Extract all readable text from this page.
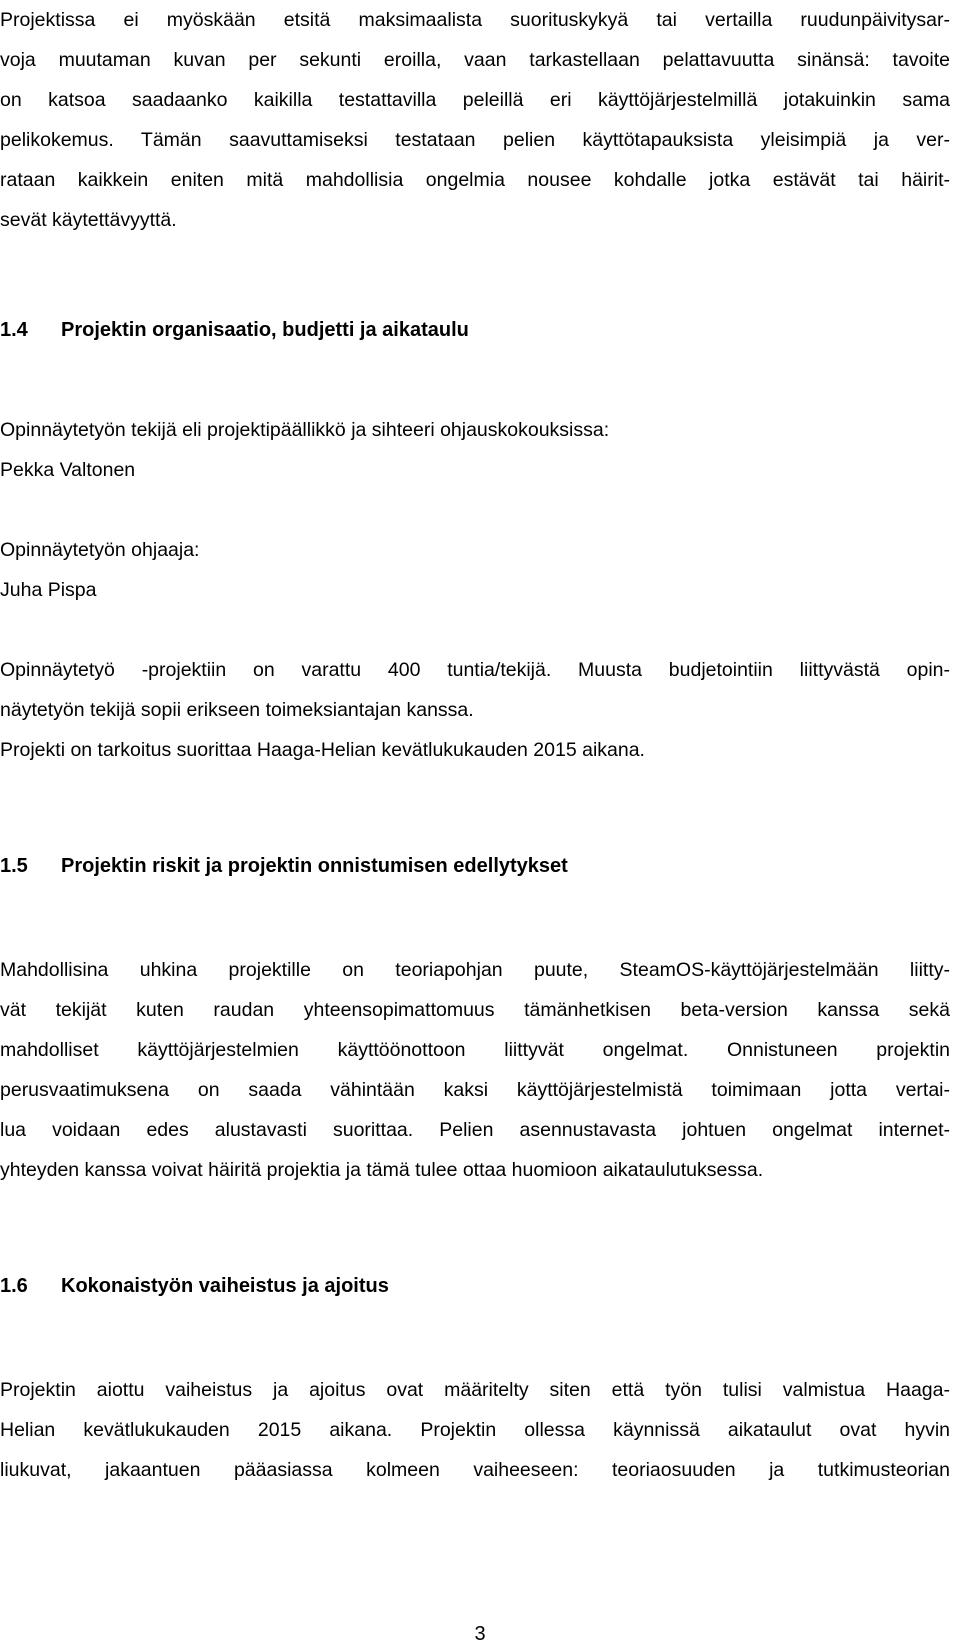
Projektissa ei myöskään etsitä maksimaalista suorituskykyä tai vertailla ruudunpäivitysar-
voja muutaman kuvan per sekunti eroilla, vaan tarkastellaan pelattavuutta sinänsä: tavoite
on katsoa saadaanko kaikilla testattavilla peleillä eri käyttöjärjestelmillä jotakuinkin sama
pelikokemus. Tämän saavuttamiseksi testataan pelien käyttötapauksista yleisimpiä ja ver-
rataan kaikkein eniten mitä mahdollisia ongelmia nousee kohdalle jotka estävät tai häirit-
sevät käytettävyyttä.
1.4 Projektin organisaatio, budjetti ja aikataulu
Opinnäytetyön tekijä eli projektipäällikkö ja sihteeri ohjauskokouksissa:
Pekka Valtonen
Opinnäytetyön ohjaaja:
Juha Pispa
Opinnäytetyö -projektiin on varattu 400 tuntia/tekijä. Muusta budjetointiin liittyvästä opin-
näytetyön tekijä sopii erikseen toimeksiantajan kanssa.
Projekti on tarkoitus suorittaa Haaga-Helian kevätlukukauden 2015 aikana.
1.5 Projektin riskit ja projektin onnistumisen edellytykset
Mahdollisina uhkina projektille on teoriapohjan puute, SteamOS-käyttöjärjestelmään liitty-
vät tekijät kuten raudan yhteensopimattomuus tämänhetkisen beta-version kanssa sekä
mahdolliset käyttöjärjestelmien käyttöönottoon liittyvät ongelmat. Onnistuneen projektin
perusvaatimuksena on saada vähintään kaksi käyttöjärjestelmistä toimimaan jotta vertai-
lua voidaan edes alustavasti suorittaa. Pelien asennustavasta johtuen ongelmat internet-
yhteyden kanssa voivat häiritä projektia ja tämä tulee ottaa huomioon aikataulutuksessa.
1.6 Kokonaistyön vaiheistus ja ajoitus
Projektin aiottu vaiheistus ja ajoitus ovat määritelty siten että työn tulisi valmistua Haaga-
Helian kevätlukukauden 2015 aikana. Projektin ollessa käynnissä aikataulut ovat hyvin
liukuvat, jakaantuen pääasiassa kolmeen vaiheeseen: teoriaosuuden ja tutkimusteorian
3
